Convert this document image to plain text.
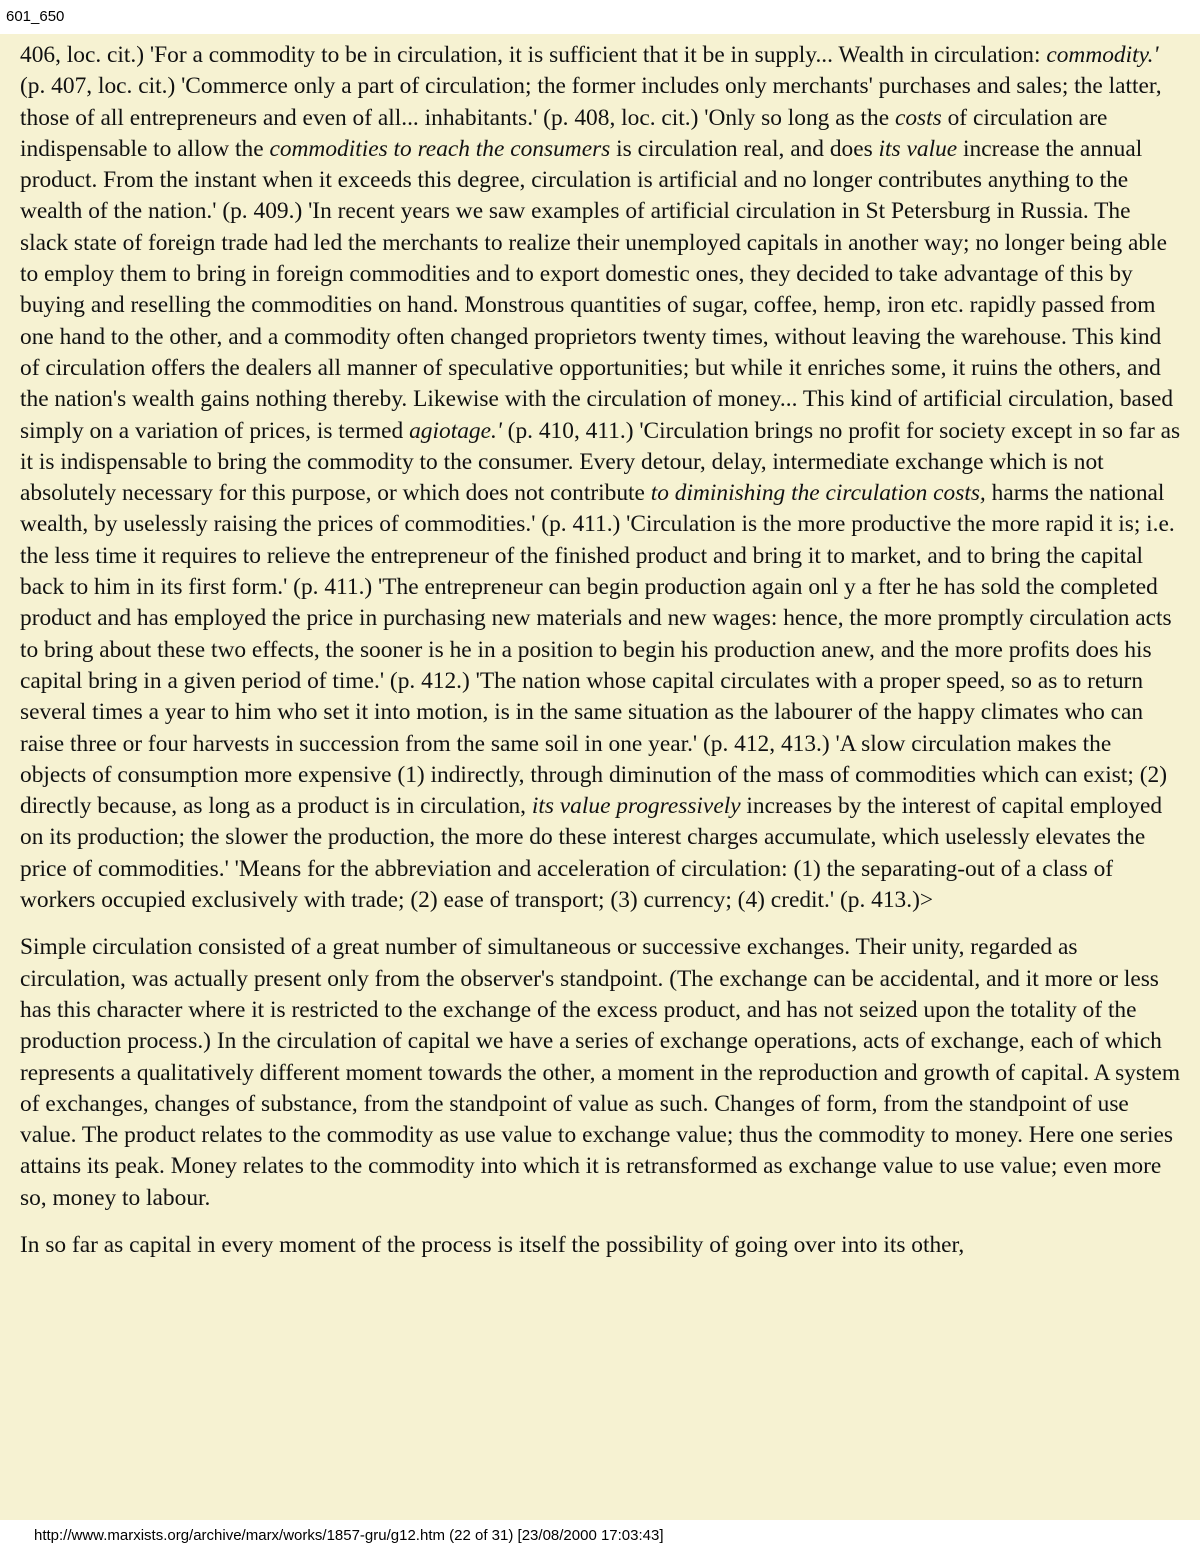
601_650

406, loc. cit.) 'For a commodity to be in circulation, it is sufficient that it be in supply... Wealth in circulation: commodity.' (p. 407, loc. cit.) 'Commerce only a part of circulation; the former includes only merchants' purchases and sales; the latter, those of all entrepreneurs and even of all... inhabitants.' (p. 408, loc. cit.) 'Only so long as the costs of circulation are indispensable to allow the commodities to reach the consumers is circulation real, and does its value increase the annual product. From the instant when it exceeds this degree, circulation is artificial and no longer contributes anything to the wealth of the nation.' (p. 409.) 'In recent years we saw examples of artificial circulation in St Petersburg in Russia. The slack state of foreign trade had led the merchants to realize their unemployed capitals in another way; no longer being able to employ them to bring in foreign commodities and to export domestic ones, they decided to take advantage of this by buying and reselling the commodities on hand. Monstrous quantities of sugar, coffee, hemp, iron etc. rapidly passed from one hand to the other, and a commodity often changed proprietors twenty times, without leaving the warehouse. This kind of circulation offers the dealers all manner of speculative opportunities; but while it enriches some, it ruins the others, and the nation's wealth gains nothing thereby. Likewise with the circulation of money... This kind of artificial circulation, based simply on a variation of prices, is termed agiotage.' (p. 410, 411.) 'Circulation brings no profit for society except in so far as it is indispensable to bring the commodity to the consumer. Every detour, delay, intermediate exchange which is not absolutely necessary for this purpose, or which does not contribute to diminishing the circulation costs, harms the national wealth, by uselessly raising the prices of commodities.' (p. 411.) 'Circulation is the more productive the more rapid it is; i.e. the less time it requires to relieve the entrepreneur of the finished product and bring it to market, and to bring the capital back to him in its first form.' (p. 411.) 'The entrepreneur can begin production again onl y a fter he has sold the completed product and has employed the price in purchasing new materials and new wages: hence, the more promptly circulation acts to bring about these two effects, the sooner is he in a position to begin his production anew, and the more profits does his capital bring in a given period of time.' (p. 412.) 'The nation whose capital circulates with a proper speed, so as to return several times a year to him who set it into motion, is in the same situation as the labourer of the happy climates who can raise three or four harvests in succession from the same soil in one year.' (p. 412, 413.) 'A slow circulation makes the objects of consumption more expensive (1) indirectly, through diminution of the mass of commodities which can exist; (2) directly because, as long as a product is in circulation, its value progressively increases by the interest of capital employed on its production; the slower the production, the more do these interest charges accumulate, which uselessly elevates the price of commodities.' 'Means for the abbreviation and acceleration of circulation: (1) the separating-out of a class of workers occupied exclusively with trade; (2) ease of transport; (3) currency; (4) credit.' (p. 413.)>

Simple circulation consisted of a great number of simultaneous or successive exchanges. Their unity, regarded as circulation, was actually present only from the observer's standpoint. (The exchange can be accidental, and it more or less has this character where it is restricted to the exchange of the excess product, and has not seized upon the totality of the production process.) In the circulation of capital we have a series of exchange operations, acts of exchange, each of which represents a qualitatively different moment towards the other, a moment in the reproduction and growth of capital. A system of exchanges, changes of substance, from the standpoint of value as such. Changes of form, from the standpoint of use value. The product relates to the commodity as use value to exchange value; thus the commodity to money. Here one series attains its peak. Money relates to the commodity into which it is retransformed as exchange value to use value; even more so, money to labour.

In so far as capital in every moment of the process is itself the possibility of going over into its other,

http://www.marxists.org/archive/marx/works/1857-gru/g12.htm (22 of 31) [23/08/2000 17:03:43]
